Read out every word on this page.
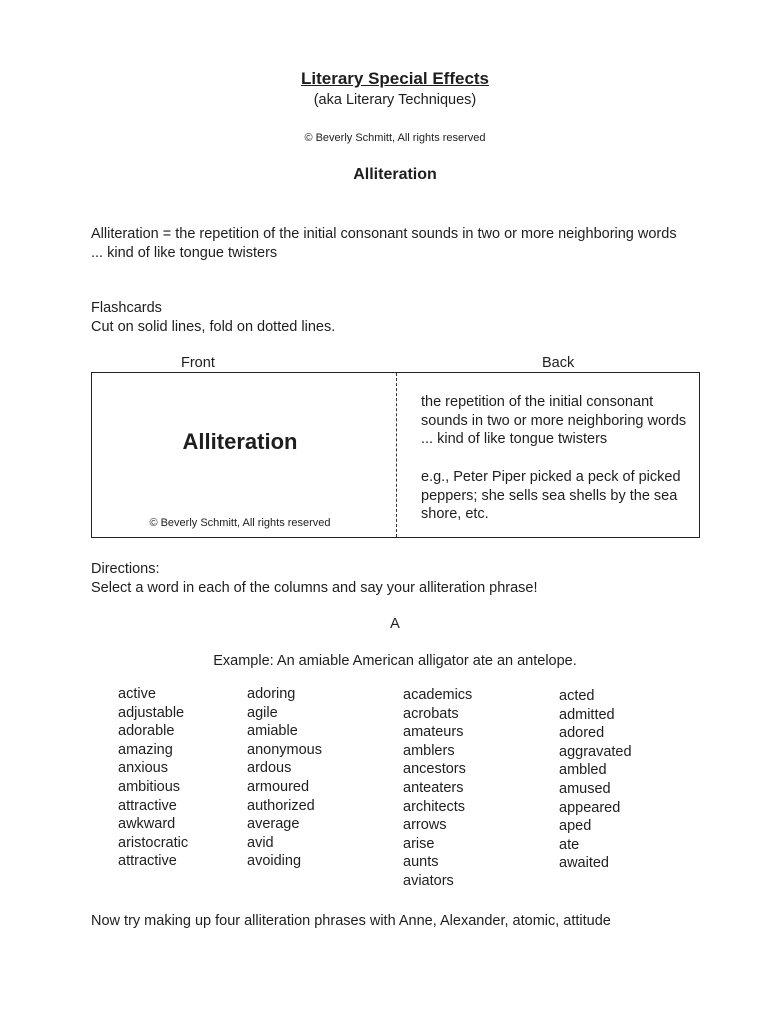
Literary Special Effects
(aka Literary Techniques)
© Beverly Schmitt, All rights reserved
Alliteration
Alliteration = the repetition of the initial consonant sounds in two or more neighboring words
... kind of like tongue twisters
Flashcards
Cut on solid lines, fold on dotted lines.
Front	Back
Alliteration
© Beverly Schmitt, All rights reserved

the repetition of the initial consonant sounds in two or more neighboring words ... kind of like tongue twisters

e.g., Peter Piper picked a peck of picked peppers; she sells sea shells by the sea shore, etc.

Directions:
Select a word in each of the columns and say your alliteration phrase!
A
Example: An amiable American alligator ate an antelope.
active
adjustable
adorable
amazing
anxious
ambitious
attractive
awkward
aristocratic
attractive
adoring
agile
amiable
anonymous
ardous
armoured
authorized
average
avid
avoiding
academics
acrobats
amateurs
amblers
ancestors
anteaters
architects
arrows
arise
aunts
aviators
acted
admitted
adored
aggravated
ambled
amused
appeared
aped
ate
awaited
Now try making up four alliteration phrases with Anne, Alexander, atomic, attitude
